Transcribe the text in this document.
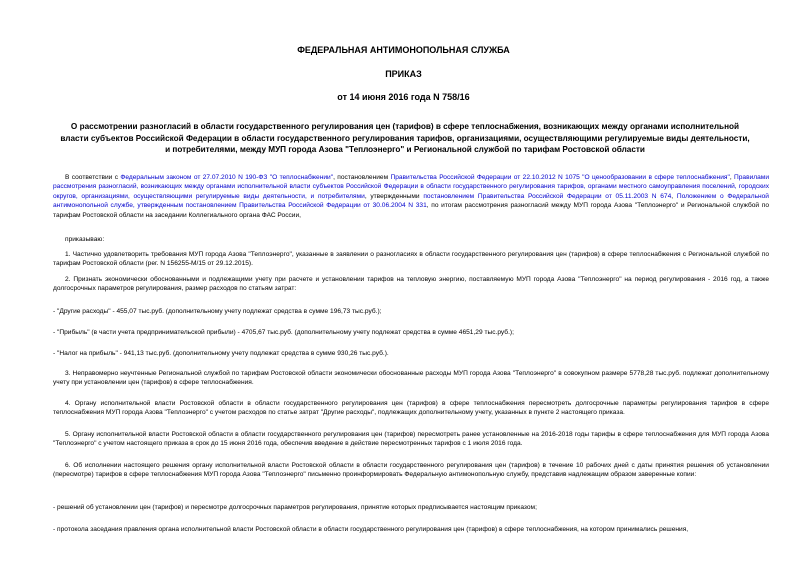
ФЕДЕРАЛЬНАЯ АНТИМОНОПОЛЬНАЯ СЛУЖБА
ПРИКАЗ
от 14 июня 2016 года N 758/16
О рассмотрении разногласий в области государственного регулирования цен (тарифов) в сфере теплоснабжения, возникающих между органами исполнительной власти субъектов Российской Федерации в области государственного регулирования тарифов, организациями, осуществляющими регулируемые виды деятельности, и потребителями, между МУП города Азова "Теплоэнерго" и Региональной службой по тарифам Ростовской области
В соответствии с Федеральным законом от 27.07.2010 N 190-ФЗ "О теплоснабжении", постановлением Правительства Российской Федерации от 22.10.2012 N 1075 "О ценообразовании в сфере теплоснабжения", Правилами рассмотрения разногласий, возникающих между органами исполнительной власти субъектов Российской Федерации в области государственного регулирования тарифов, органами местного самоуправления поселений, городских округов, организациями, осуществляющими регулируемые виды деятельности, и потребителями, утвержденными постановлением Правительства Российской Федерации от 05.11.2003 N 674, Положением о Федеральной антимонопольной службе, утвержденным постановлением Правительства Российской Федерации от 30.06.2004 N 331, по итогам рассмотрения разногласий между МУП города Азова "Теплоэнерго" и Региональной службой по тарифам Ростовской области на заседании Коллегиального органа ФАС России,
приказываю:
1. Частично удовлетворить требования МУП города Азова "Теплоэнерго", указанные в заявлении о разногласиях в области государственного регулирования цен (тарифов) в сфере теплоснабжения с Региональной службой по тарифам Ростовской области (рег. N 156255-М/15 от 29.12.2015).
2. Признать экономически обоснованными и подлежащими учету при расчете и установлении тарифов на тепловую энергию, поставляемую МУП города Азова "Теплоэнерго" на период регулирования - 2016 год, а также долгосрочных параметров регулирования, размер расходов по статьям затрат:
- "Другие расходы" - 455,07 тыс.руб. (дополнительному учету подлежат средства в сумме 196,73 тыс.руб.);
- "Прибыль" (в части учета предпринимательской прибыли) - 4705,67 тыс.руб. (дополнительному учету подлежат средства в сумме 4651,29 тыс.руб.);
- "Налог на прибыль" - 941,13 тыс.руб. (дополнительному учету подлежат средства в сумме 930,26 тыс.руб.).
3. Неправомерно неучтенные Региональной службой по тарифам Ростовской области экономически обоснованные расходы МУП города Азова "Теплоэнерго" в совокупном размере 5778,28 тыс.руб. подлежат дополнительному учету при установлении цен (тарифов) в сфере теплоснабжения.
4. Органу исполнительной власти Ростовской области в области государственного регулирования цен (тарифов) в сфере теплоснабжения пересмотреть долгосрочные параметры регулирования тарифов в сфере теплоснабжения МУП города Азова "Теплоэнерго" с учетом расходов по статье затрат "Другие расходы", подлежащих дополнительному учету, указанных в пункте 2 настоящего приказа.
5. Органу исполнительной власти Ростовской области в области государственного регулирования цен (тарифов) пересмотреть ранее установленные на 2016-2018 годы тарифы в сфере теплоснабжения для МУП города Азова "Теплоэнерго" с учетом настоящего приказа в срок до 15 июня 2016 года, обеспечив введение в действие пересмотренных тарифов с 1 июля 2016 года.
6. Об исполнении настоящего решения органу исполнительной власти Ростовской области в области государственного регулирования цен (тарифов) в течение 10 рабочих дней с даты принятия решения об установлении (пересмотре) тарифов в сфере теплоснабжения МУП города Азова "Теплоэнерго" письменно проинформировать Федеральную антимонопольную службу, представив надлежащим образом заверенные копии:
- решений об установлении цен (тарифов) и пересмотре долгосрочных параметров регулирования, принятие которых предписывается настоящим приказом;
- протокола заседания правления органа исполнительной власти Ростовской области в области государственного регулирования цен (тарифов) в сфере теплоснабжения, на котором принимались решения,
